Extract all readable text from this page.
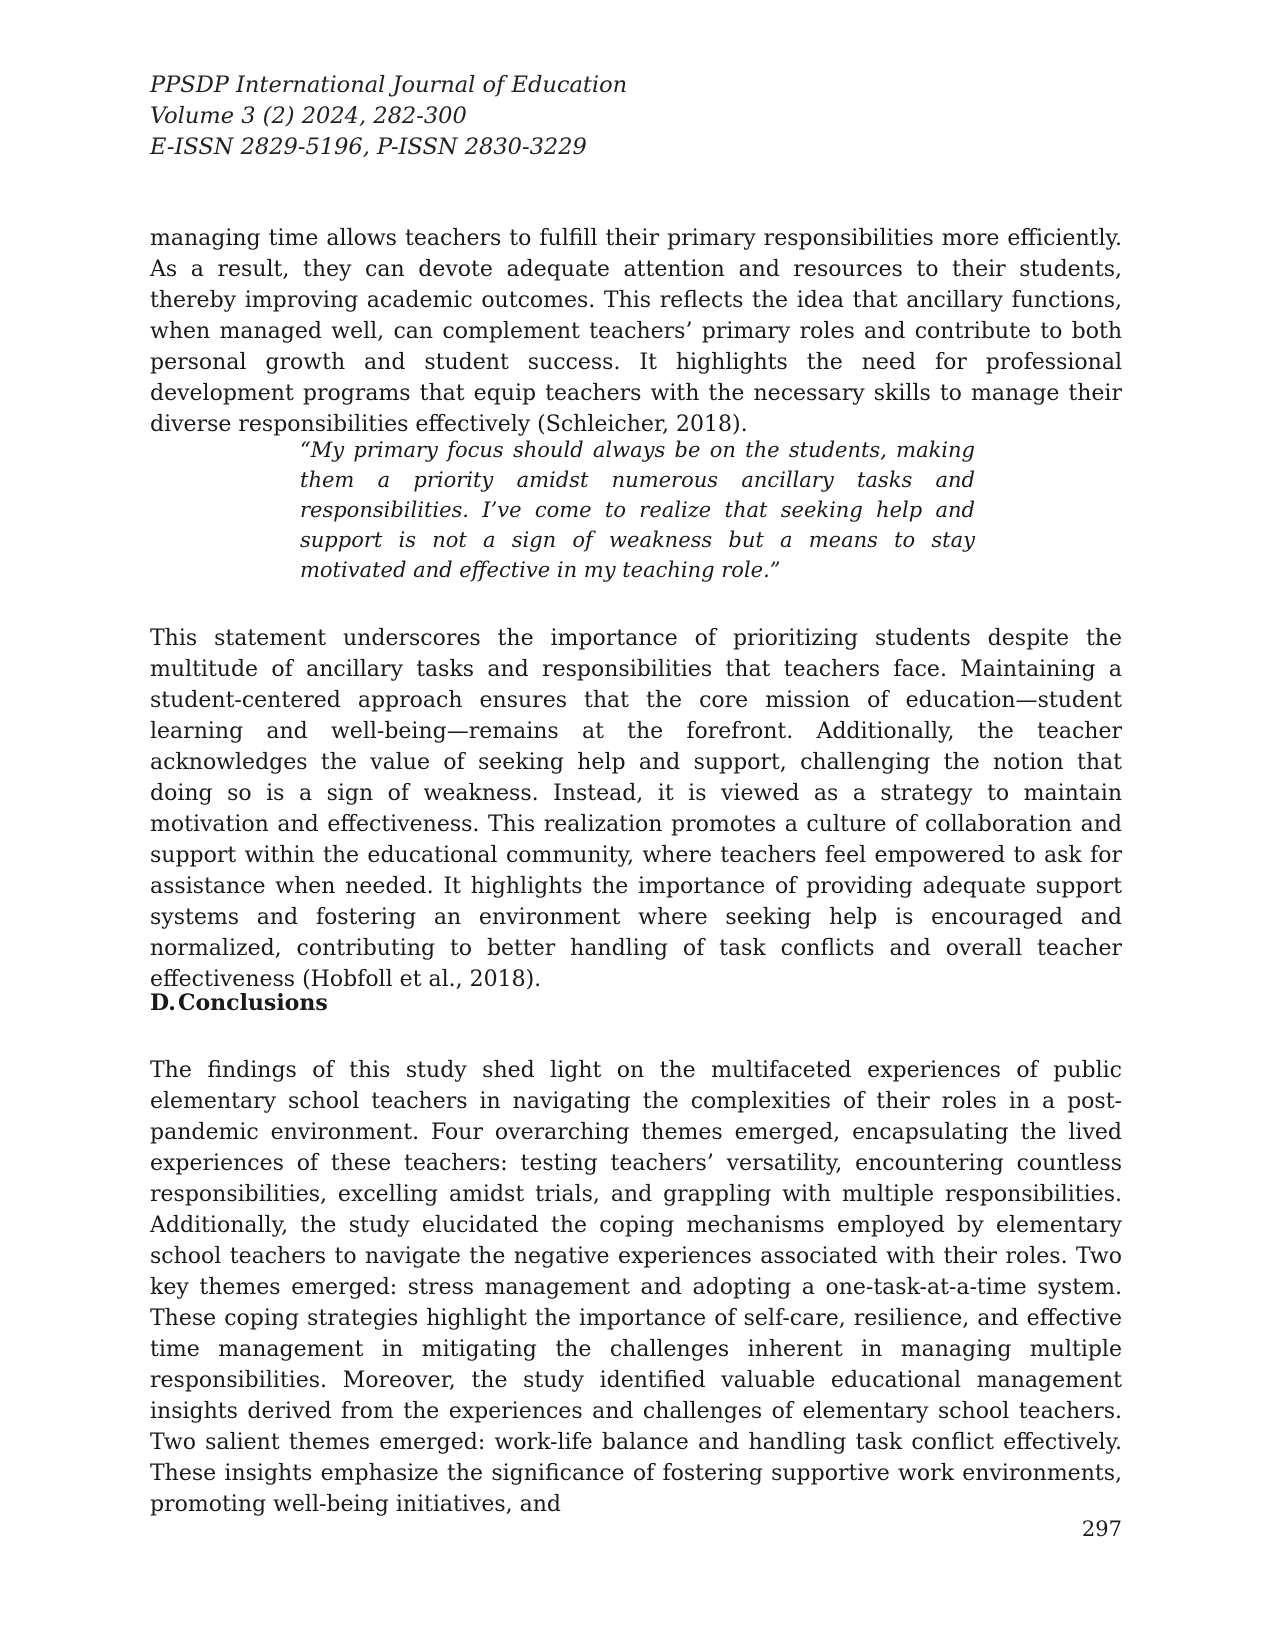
PPSDP International Journal of Education
Volume 3 (2) 2024, 282-300
E-ISSN 2829-5196, P-ISSN 2830-3229

managing time allows teachers to fulfill their primary responsibilities more efficiently. As a result, they can devote adequate attention and resources to their students, thereby improving academic outcomes. This reflects the idea that ancillary functions, when managed well, can complement teachers’ primary roles and contribute to both personal growth and student success. It highlights the need for professional development programs that equip teachers with the necessary skills to manage their diverse responsibilities effectively (Schleicher, 2018).

“My primary focus should always be on the students, making them a priority amidst numerous ancillary tasks and responsibilities. I’ve come to realize that seeking help and support is not a sign of weakness but a means to stay motivated and effective in my teaching role.”

This statement underscores the importance of prioritizing students despite the multitude of ancillary tasks and responsibilities that teachers face. Maintaining a student-centered approach ensures that the core mission of education—student learning and well-being—remains at the forefront. Additionally, the teacher acknowledges the value of seeking help and support, challenging the notion that doing so is a sign of weakness. Instead, it is viewed as a strategy to maintain motivation and effectiveness. This realization promotes a culture of collaboration and support within the educational community, where teachers feel empowered to ask for assistance when needed. It highlights the importance of providing adequate support systems and fostering an environment where seeking help is encouraged and normalized, contributing to better handling of task conflicts and overall teacher effectiveness (Hobfoll et al., 2018).

D.Conclusions

The findings of this study shed light on the multifaceted experiences of public elementary school teachers in navigating the complexities of their roles in a post-pandemic environment. Four overarching themes emerged, encapsulating the lived experiences of these teachers: testing teachers’ versatility, encountering countless responsibilities, excelling amidst trials, and grappling with multiple responsibilities. Additionally, the study elucidated the coping mechanisms employed by elementary school teachers to navigate the negative experiences associated with their roles. Two key themes emerged: stress management and adopting a one-task-at-a-time system. These coping strategies highlight the importance of self-care, resilience, and effective time management in mitigating the challenges inherent in managing multiple responsibilities. Moreover, the study identified valuable educational management insights derived from the experiences and challenges of elementary school teachers. Two salient themes emerged: work-life balance and handling task conflict effectively. These insights emphasize the significance of fostering supportive work environments, promoting well-being initiatives, and

297
